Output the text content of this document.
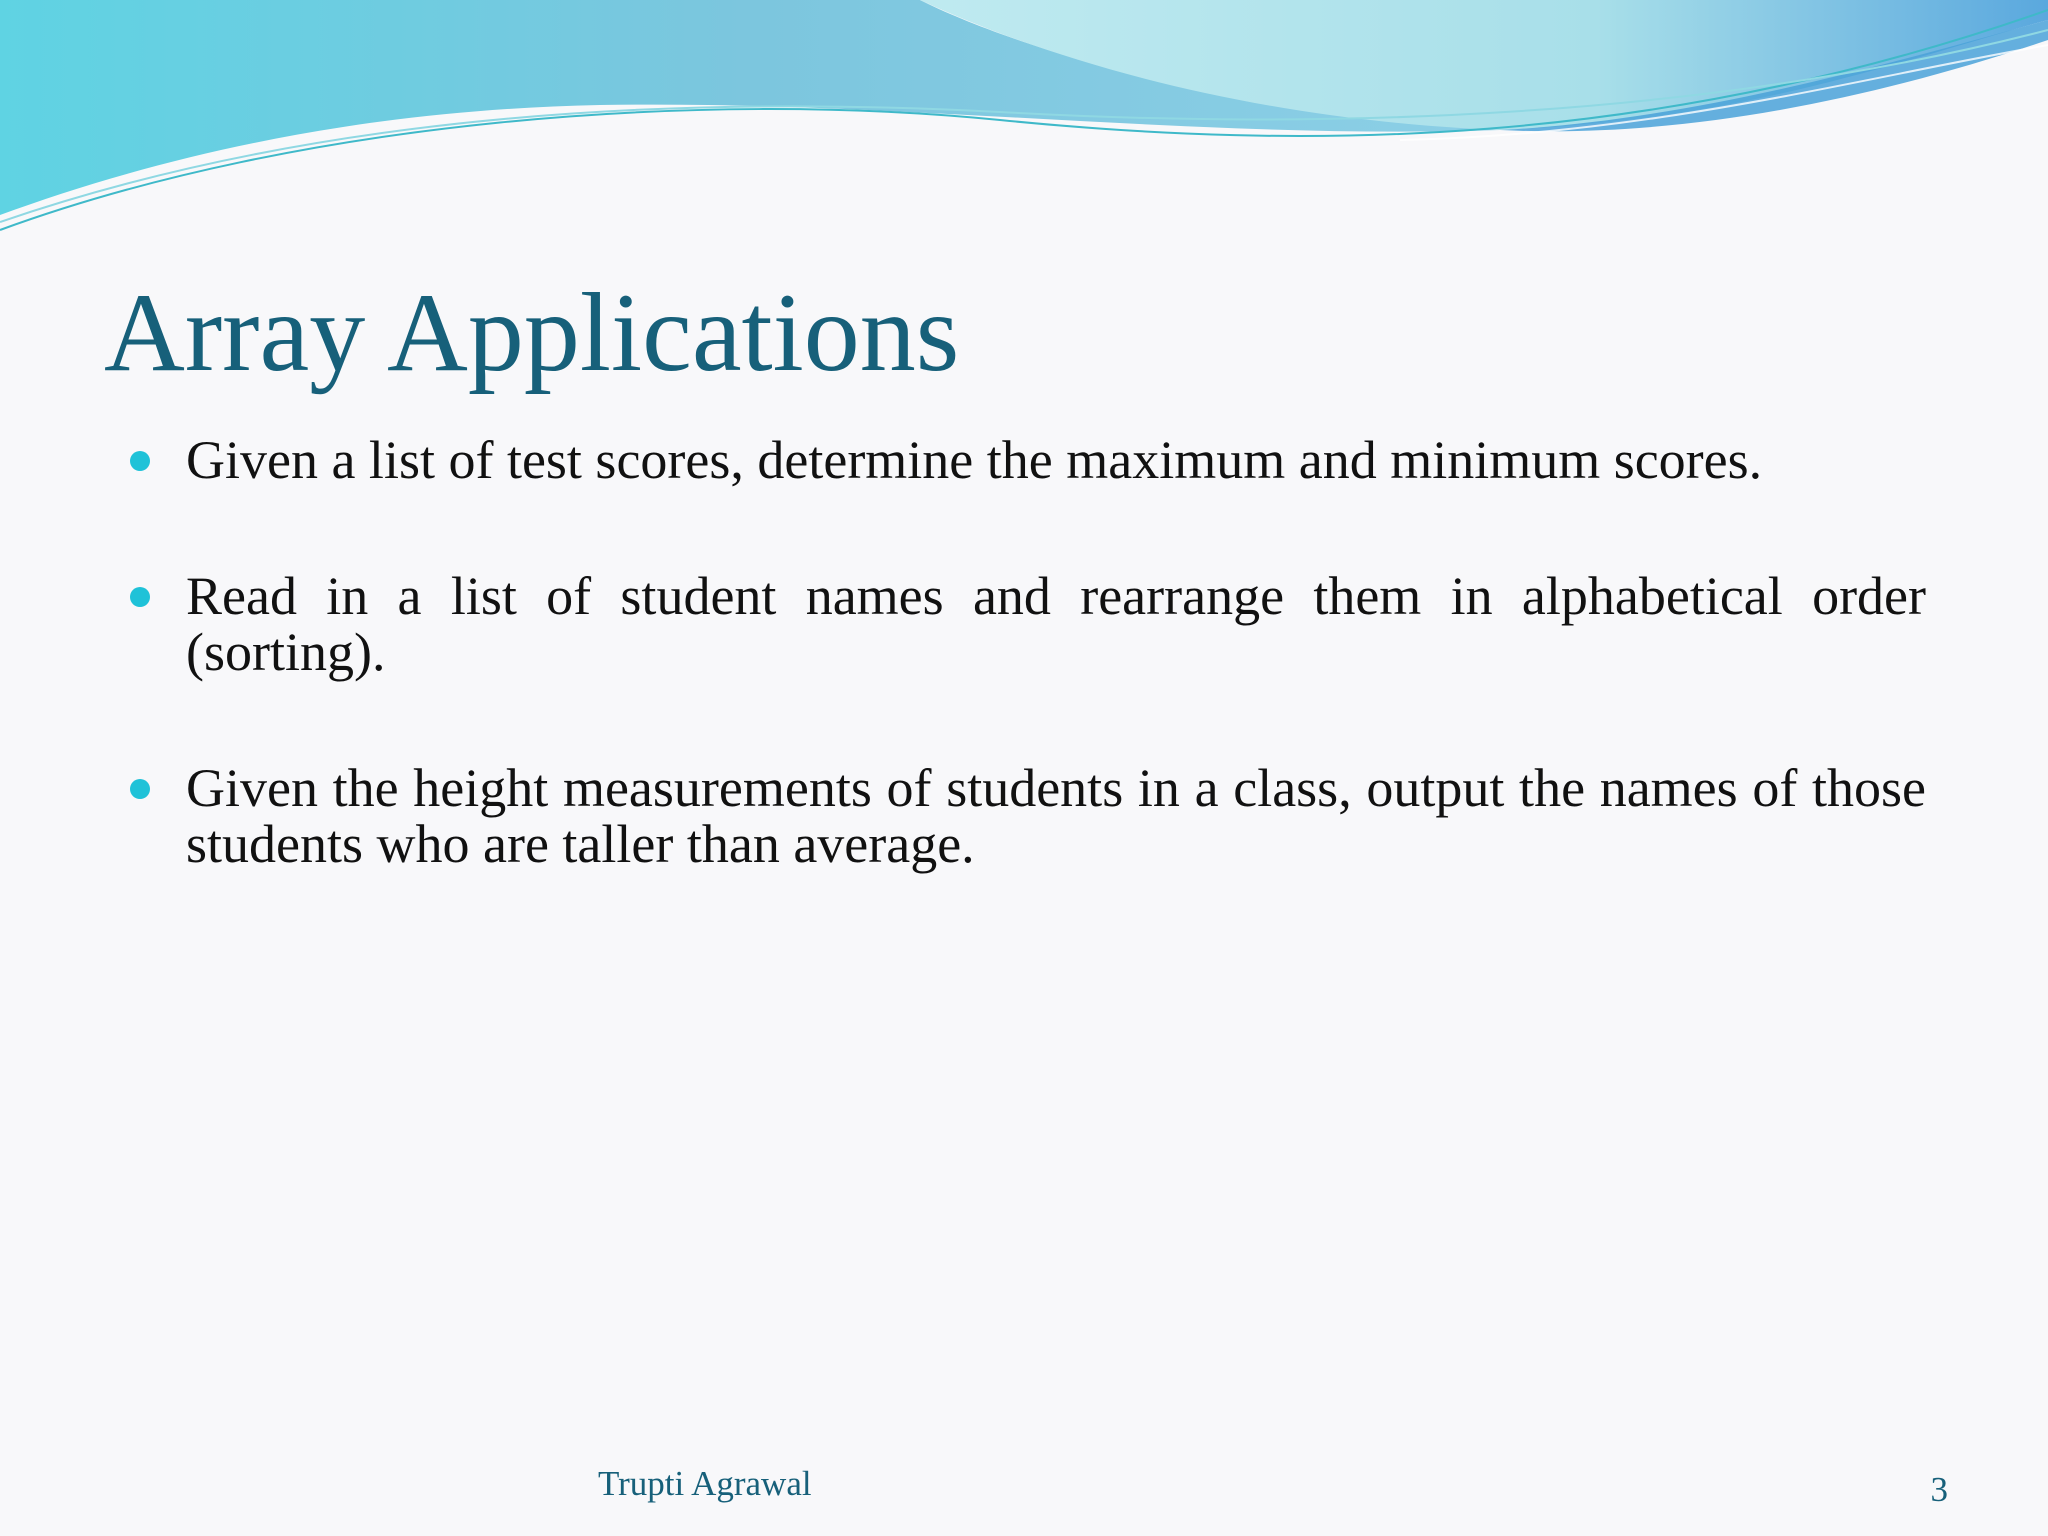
Array Applications
Given a list of test scores, determine the maximum and minimum scores.
Read in a list of student names and rearrange them in alphabetical order (sorting).
Given the height measurements of students in a class, output the names of those students who are taller than average.
Trupti Agrawal	3
